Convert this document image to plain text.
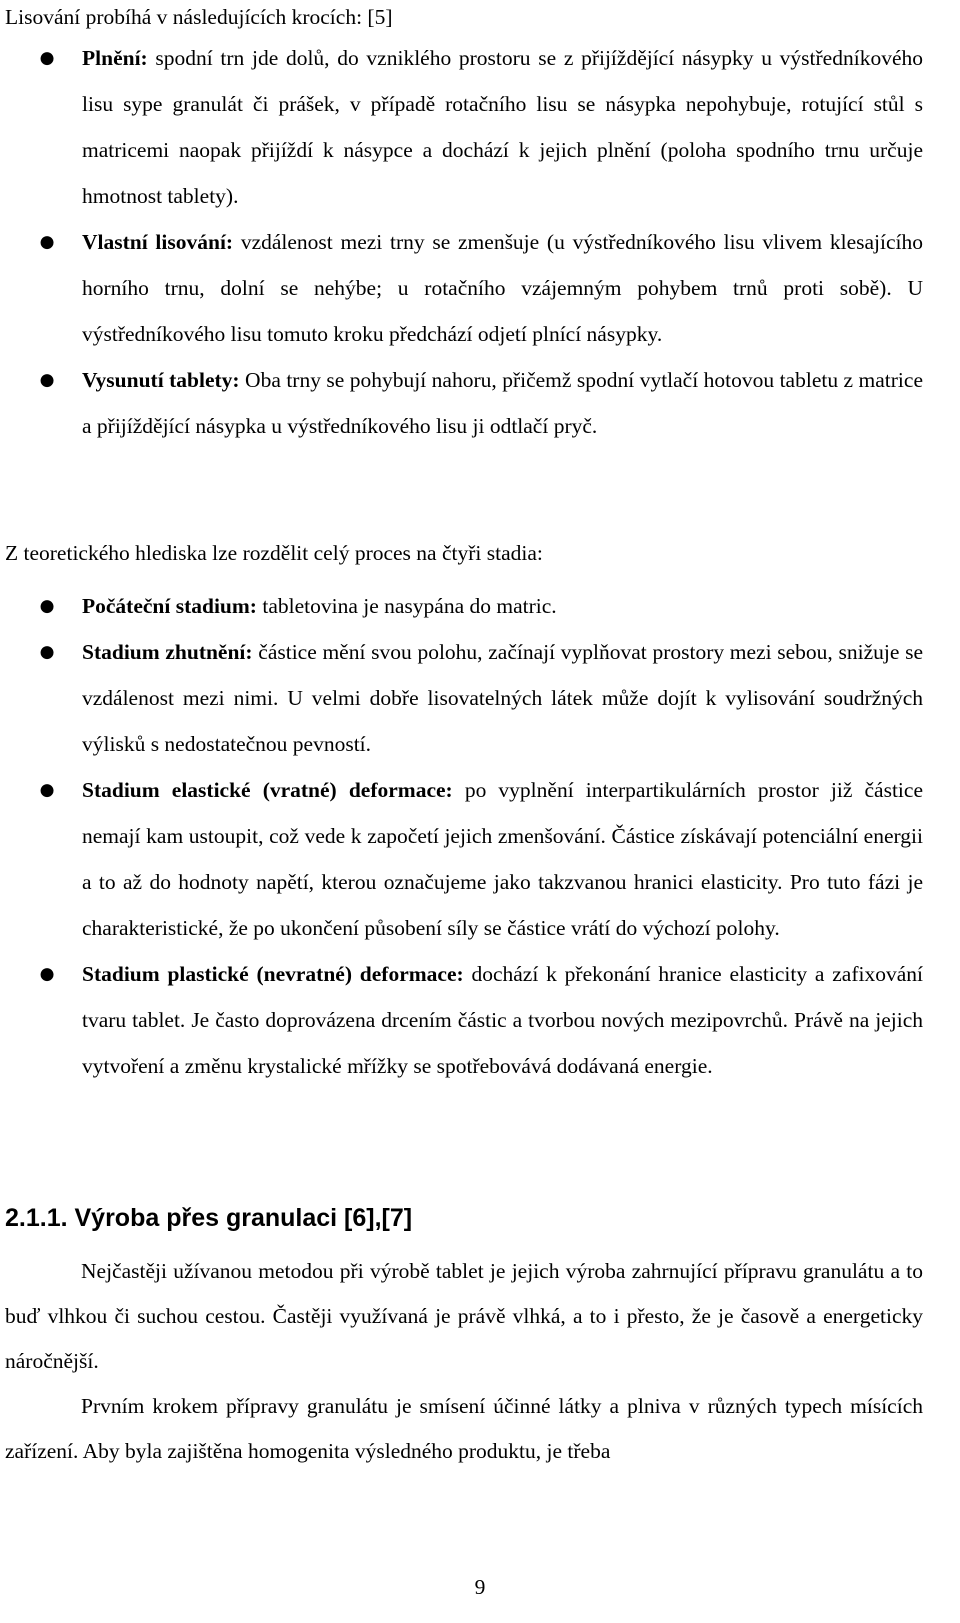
Lisování probíhá v následujících krocích: [5]

● Plnění: spodní trn jde dolů, do vzniklého prostoru se z přijíždějící násypky u výstředníkového lisu sype granulát či prášek, v případě rotačního lisu se násypka nepohybuje, rotující stůl s matricemi naopak přijíždí k násypce a dochází k jejich plnění (poloha spodního trnu určuje hmotnost tablety).
● Vlastní lisování: vzdálenost mezi trny se zmenšuje (u výstředníkového lisu vlivem klesajícího horního trnu, dolní se nehýbe; u rotačního vzájemným pohybem trnů proti sobě). U výstředníkového lisu tomuto kroku předchází odjetí plnící násypky.
● Vysunutí tablety: Oba trny se pohybují nahoru, přičemž spodní vytlačí hotovou tabletu z matrice a přijíždějící násypka u výstředníkového lisu ji odtlačí pryč.

Z teoretického hlediska lze rozdělit celý proces na čtyři stadia:

● Počáteční stadium: tabletovina je nasypána do matric.
● Stadium zhutnění: částice mění svou polohu, začínají vyplňovat prostory mezi sebou, snižuje se vzdálenost mezi nimi. U velmi dobře lisovatelných látek může dojít k vylisování soudržných výlisků s nedostatečnou pevností.
● Stadium elastické (vratné) deformace: po vyplnění interpartikulárních prostor již částice nemají kam ustoupit, což vede k započetí jejich zmenšování. Částice získávají potenciální energii a to až do hodnoty napětí, kterou označujeme jako takzvanou hranici elasticity. Pro tuto fázi je charakteristické, že po ukončení působení síly se částice vrátí do výchozí polohy.
● Stadium plastické (nevratné) deformace: dochází k překonání hranice elasticity a zafixování tvaru tablet. Je často doprovázena drcením částic a tvorbou nových mezipovrchů. Právě na jejich vytvoření a změnu krystalické mřížky se spotřebovává dodávaná energie.
2.1.1. Výroba přes granulaci [6],[7]

Nejčastěji užívanou metodou při výrobě tablet je jejich výroba zahrnující přípravu granulátu a to buď vlhkou či suchou cestou. Častěji využívaná je právě vlhká, a to i přesto, že je časově a energeticky náročnější.

Prvním krokem přípravy granulátu je smísení účinné látky a plniva v různých typech mísících zařízení. Aby byla zajištěna homogenita výsledného produktu, je třeba

9
